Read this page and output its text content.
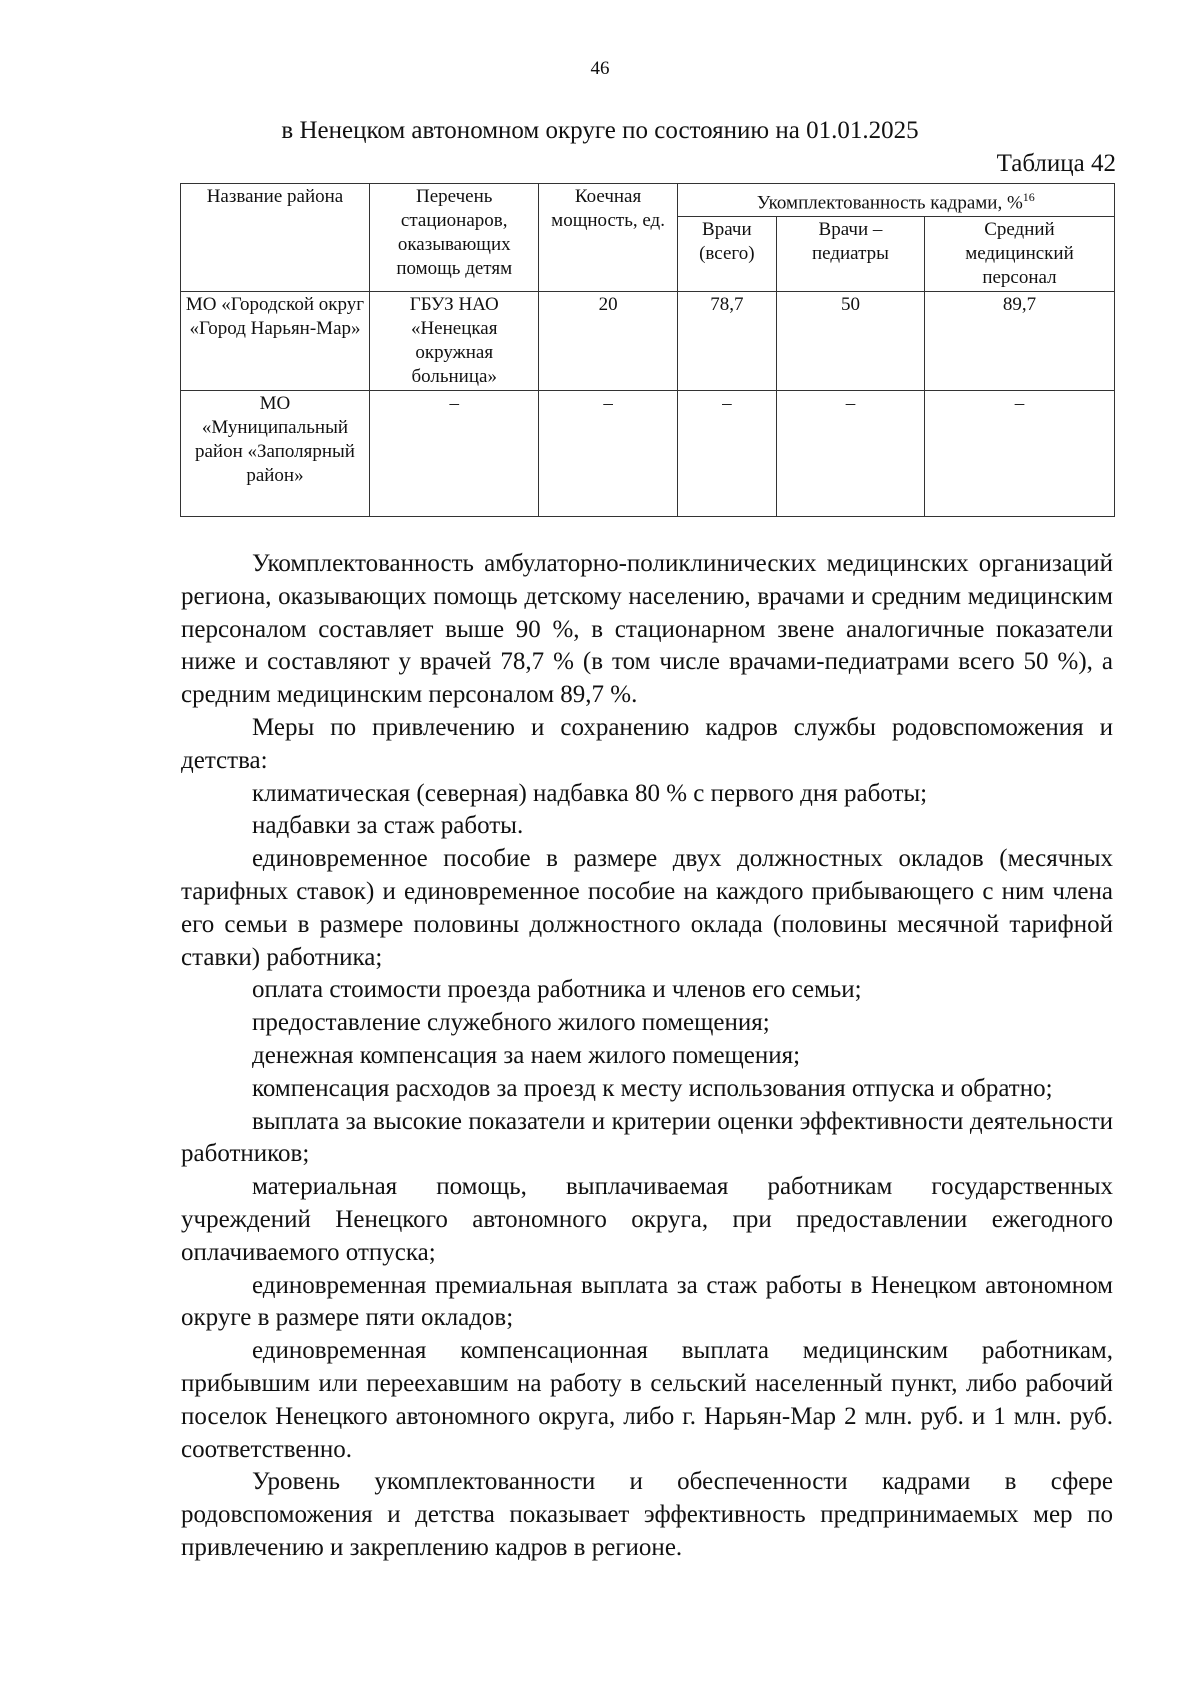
46
в Ненецком автономном округе по состоянию на 01.01.2025
Таблица 42
Название района	Перечень стационаров, оказывающих помощь детям	Коечная мощность, ед.	Укомплектованность кадрами, %$^{16}$
			Врачи (всего)	Врачи – педиатры	Средний медицинский персонал
МО «Городской округ «Город Нарьян-Мар»	ГБУЗ НАО «Ненецкая окружная больница»	20	78,7	50	89,7
МО «Муниципальный район «Заполярный район»	–	–	–	–	–

Укомплектованность амбулаторно-поликлинических медицинских организаций региона, оказывающих помощь детскому населению, врачами и средним медицинским персоналом составляет выше 90 %, в стационарном звене аналогичные показатели ниже и составляют у врачей 78,7 % (в том числе врачами-педиатрами всего 50 %), а средним медицинским персоналом 89,7 %.

Меры по привлечению и сохранению кадров службы родовспоможения и детства:

климатическая (северная) надбавка 80 % с первого дня работы;

надбавки за стаж работы.

единовременное пособие в размере двух должностных окладов (месячных тарифных ставок) и единовременное пособие на каждого прибывающего с ним члена его семьи в размере половины должностного оклада (половины месячной тарифной ставки) работника;

оплата стоимости проезда работника и членов его семьи;

предоставление служебного жилого помещения;

денежная компенсация за наем жилого помещения;

компенсация расходов за проезд к месту использования отпуска и обратно;

выплата за высокие показатели и критерии оценки эффективности деятельности работников;

материальная помощь, выплачиваемая работникам государственных учреждений Ненецкого автономного округа, при предоставлении ежегодного оплачиваемого отпуска;

единовременная премиальная выплата за стаж работы в Ненецком автономном округе в размере пяти окладов;

единовременная компенсационная выплата медицинским работникам, прибывшим или переехавшим на работу в сельский населенный пункт, либо рабочий поселок Ненецкого автономного округа, либо г. Нарьян-Мар 2 млн. руб. и 1 млн. руб. соответственно.

Уровень укомплектованности и обеспеченности кадрами в сфере родовспоможения и детства показывает эффективность предпринимаемых мер по привлечению и закреплению кадров в регионе.
